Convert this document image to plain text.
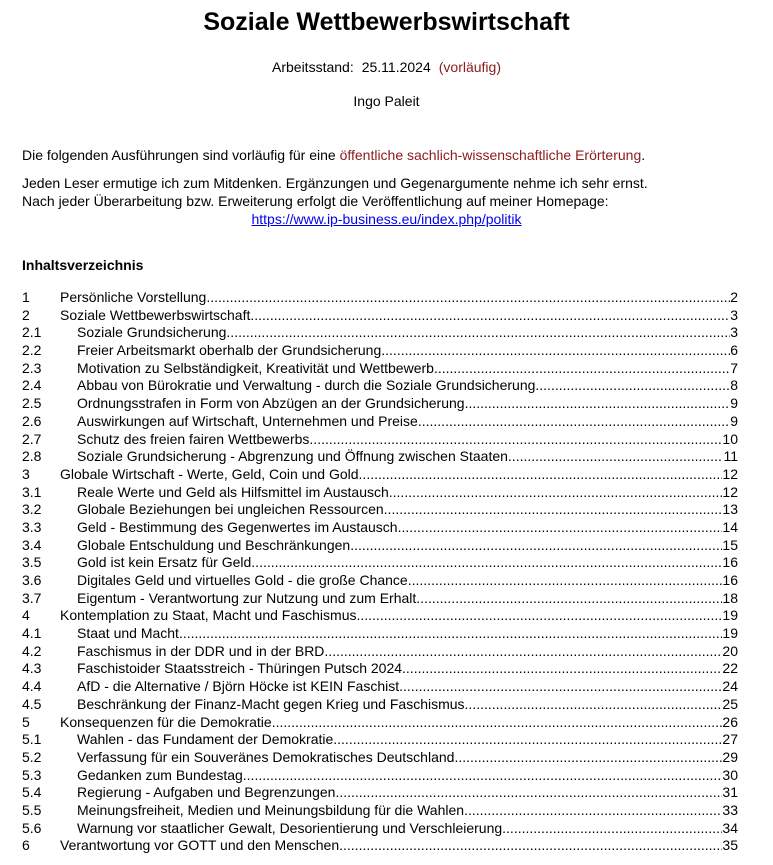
Soziale Wettbewerbswirtschaft
Arbeitsstand: 25.11.2024 (vorläufig)
Ingo Paleit
Die folgenden Ausführungen sind vorläufig für eine öffentliche sachlich-wissenschaftliche Erörterung.
Jeden Leser ermutige ich zum Mitdenken. Ergänzungen und Gegenargumente nehme ich sehr ernst.
Nach jeder Überarbeitung bzw. Erweiterung erfolgt die Veröffentlichung auf meiner Homepage:
https://www.ip-business.eu/index.php/politik
Inhaltsverzeichnis
1 Persönliche Vorstellung .....	2
2 Soziale Wettbewerbswirtschaft .....	3
2.1	Soziale Grundsicherung .....	3
2.2	Freier Arbeitsmarkt oberhalb der Grundsicherung .....	6
2.3	Motivation zu Selbständigkeit, Kreativität und Wettbewerb .....	7
2.4	Abbau von Bürokratie und Verwaltung - durch die Soziale Grundsicherung .....	8
2.5	Ordnungsstrafen in Form von Abzügen an der Grundsicherung .....	9
2.6	Auswirkungen auf Wirtschaft, Unternehmen und Preise .....	9
2.7	Schutz des freien fairen Wettbewerbs .....	10
2.8	Soziale Grundsicherung - Abgrenzung und Öffnung zwischen Staaten .....	11
3 Globale Wirtschaft - Werte, Geld, Coin und Gold .....	12
3.1	Reale Werte und Geld als Hilfsmittel im Austausch .....	12
3.2	Globale Beziehungen bei ungleichen Ressourcen .....	13
3.3	Geld - Bestimmung des Gegenwertes im Austausch .....	14
3.4	Globale Entschuldung und Beschränkungen .....	15
3.5	Gold ist kein Ersatz für Geld .....	16
3.6	Digitales Geld und virtuelles Gold - die große Chance .....	16
3.7	Eigentum - Verantwortung zur Nutzung und zum Erhalt .....	18
4 Kontemplation zu Staat, Macht und Faschismus .....	19
4.1	Staat und Macht .....	19
4.2	Faschismus in der DDR und in der BRD .....	20
4.3	Faschistoider Staatsstreich - Thüringen Putsch 2024 .....	22
4.4	AfD - die Alternative / Björn Höcke ist KEIN Faschist .....	24
4.5	Beschränkung der Finanz-Macht gegen Krieg und Faschismus .....	25
5 Konsequenzen für die Demokratie .....	26
5.1	Wahlen - das Fundament der Demokratie .....	27
5.2	Verfassung für ein Souveränes Demokratisches Deutschland .....	29
5.3	Gedanken zum Bundestag .....	30
5.4	Regierung - Aufgaben und Begrenzungen .....	31
5.5	Meinungsfreiheit, Medien und Meinungsbildung für die Wahlen .....	33
5.6	Warnung vor staatlicher Gewalt, Desorientierung und Verschleierung .....	34
6 Verantwortung vor GOTT und den Menschen .....	35
